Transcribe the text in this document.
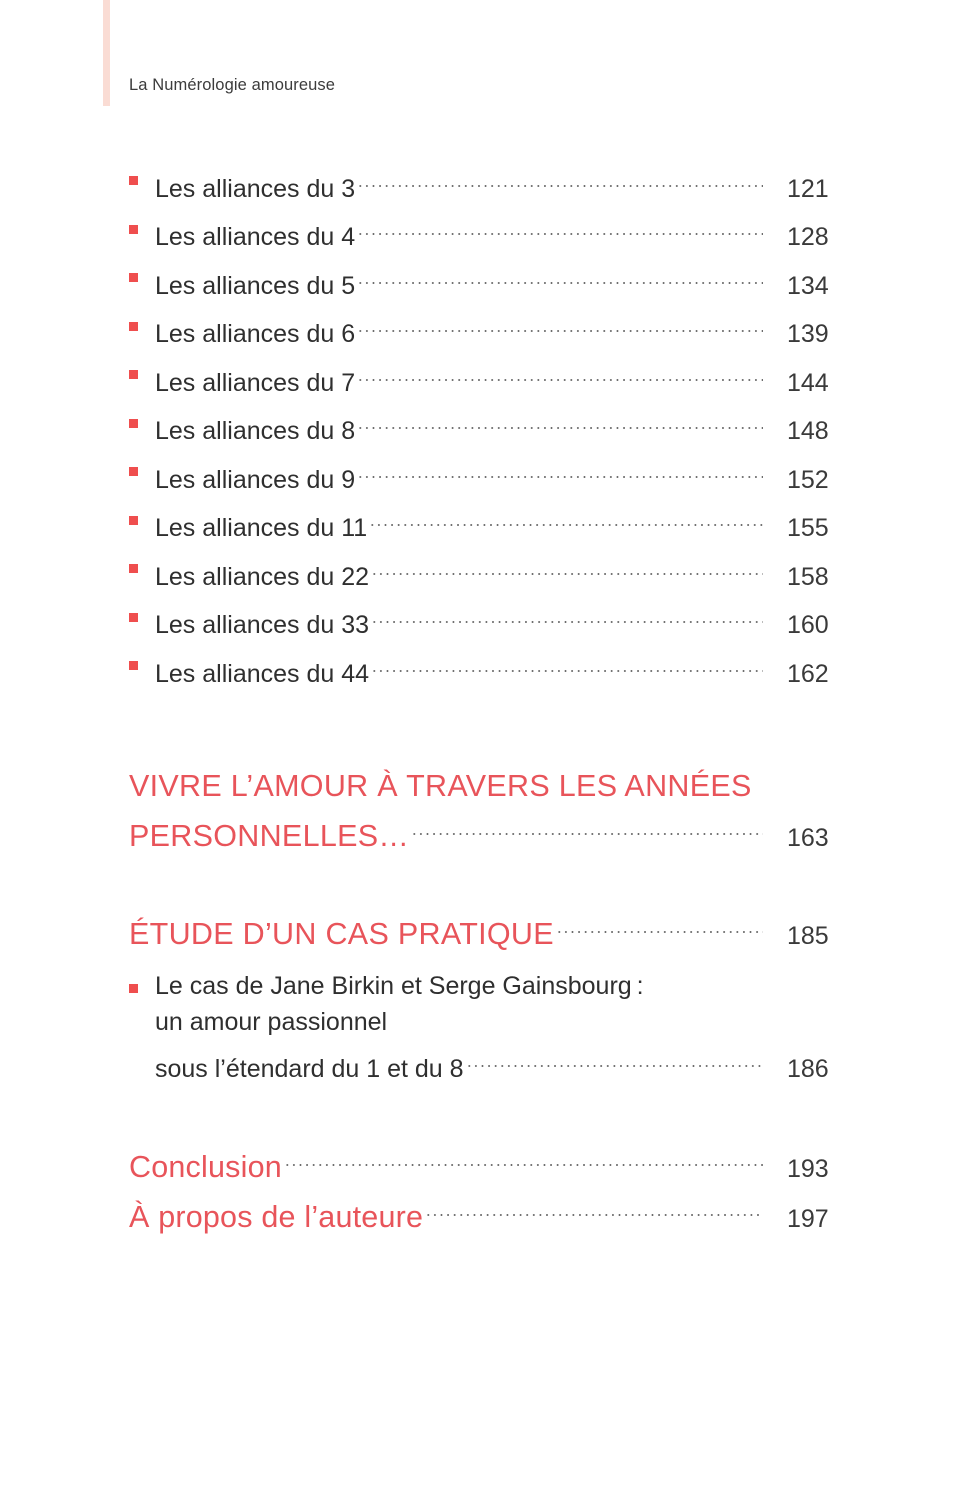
La Numérologie amoureuse
Les alliances du 3	121
Les alliances du 4	128
Les alliances du 5	134
Les alliances du 6	139
Les alliances du 7	144
Les alliances du 8	148
Les alliances du 9	152
Les alliances du 11	155
Les alliances du 22	158
Les alliances du 33	160
Les alliances du 44	162
VIVRE L’AMOUR À TRAVERS LES ANNÉES
PERSONNELLES…	163
ÉTUDE D’UN CAS PRATIQUE	185
Le cas de Jane Birkin et Serge Gainsbourg :
un amour passionnel
sous l’étendard du 1 et du 8	186
Conclusion	193
À propos de l’auteure	197
